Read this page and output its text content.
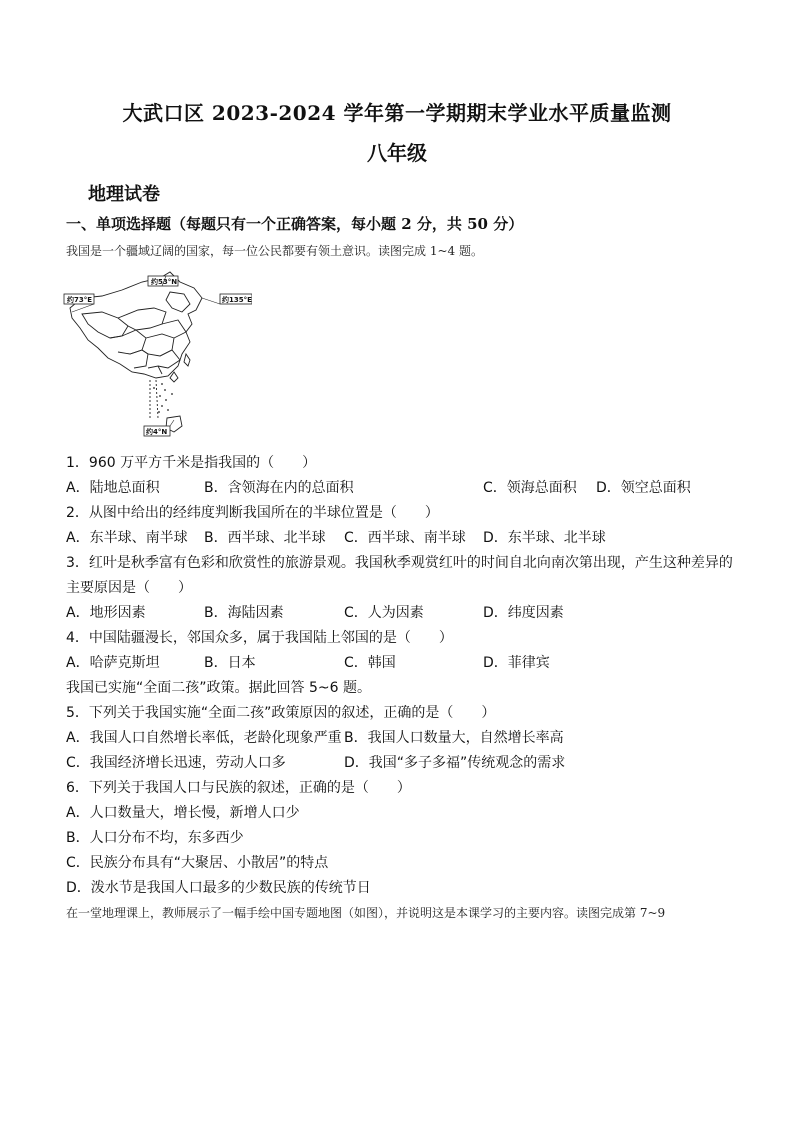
大武口区 2023-2024 学年第一学期期末学业水平质量监测
八年级
地理试卷
一、单项选择题（每题只有一个正确答案，每小题 2 分，共 50 分）
我国是一个疆域辽阔的国家，每一位公民都要有领土意识。读图完成 1~4 题。
约53°N
约73°E	约135°E
约4°N
1．960 万平方千米是指我国的（　　）
A．陆地总面积	B．含领海在内的总面积	C．领海总面积 D．领空总面积
2．从图中给出的经纬度判断我国所在的半球位置是（　　）
A．东半球、南半球 B．西半球、北半球 C．西半球、南半球 D．东半球、北半球
3．红叶是秋季富有色彩和欣赏性的旅游景观。我国秋季观赏红叶的时间自北向南次第出现，产生这种差异的
主要原因是（　　）
A．地形因素	B．海陆因素	C．人为因素	D．纬度因素
4．中国陆疆漫长，邻国众多，属于我国陆上邻国的是（　　）
A．哈萨克斯坦	B．日本	C．韩国	D．菲律宾
我国已实施“全面二孩”政策。据此回答 5~6 题。
5．下列关于我国实施“全面二孩”政策原因的叙述，正确的是（　　）
A．我国人口自然增长率低，老龄化现象严重 B．我国人口数量大，自然增长率高
C．我国经济增长迅速，劳动人口多	D．我国“多子多福”传统观念的需求
6．下列关于我国人口与民族的叙述，正确的是（　　）
A．人口数量大，增长慢，新增人口少
B．人口分布不均，东多西少
C．民族分布具有“大聚居、小散居”的特点
D．泼水节是我国人口最多的少数民族的传统节日
在一堂地理课上，教师展示了一幅手绘中国专题地图（如图），并说明这是本课学习的主要内容。读图完成第 7~9
